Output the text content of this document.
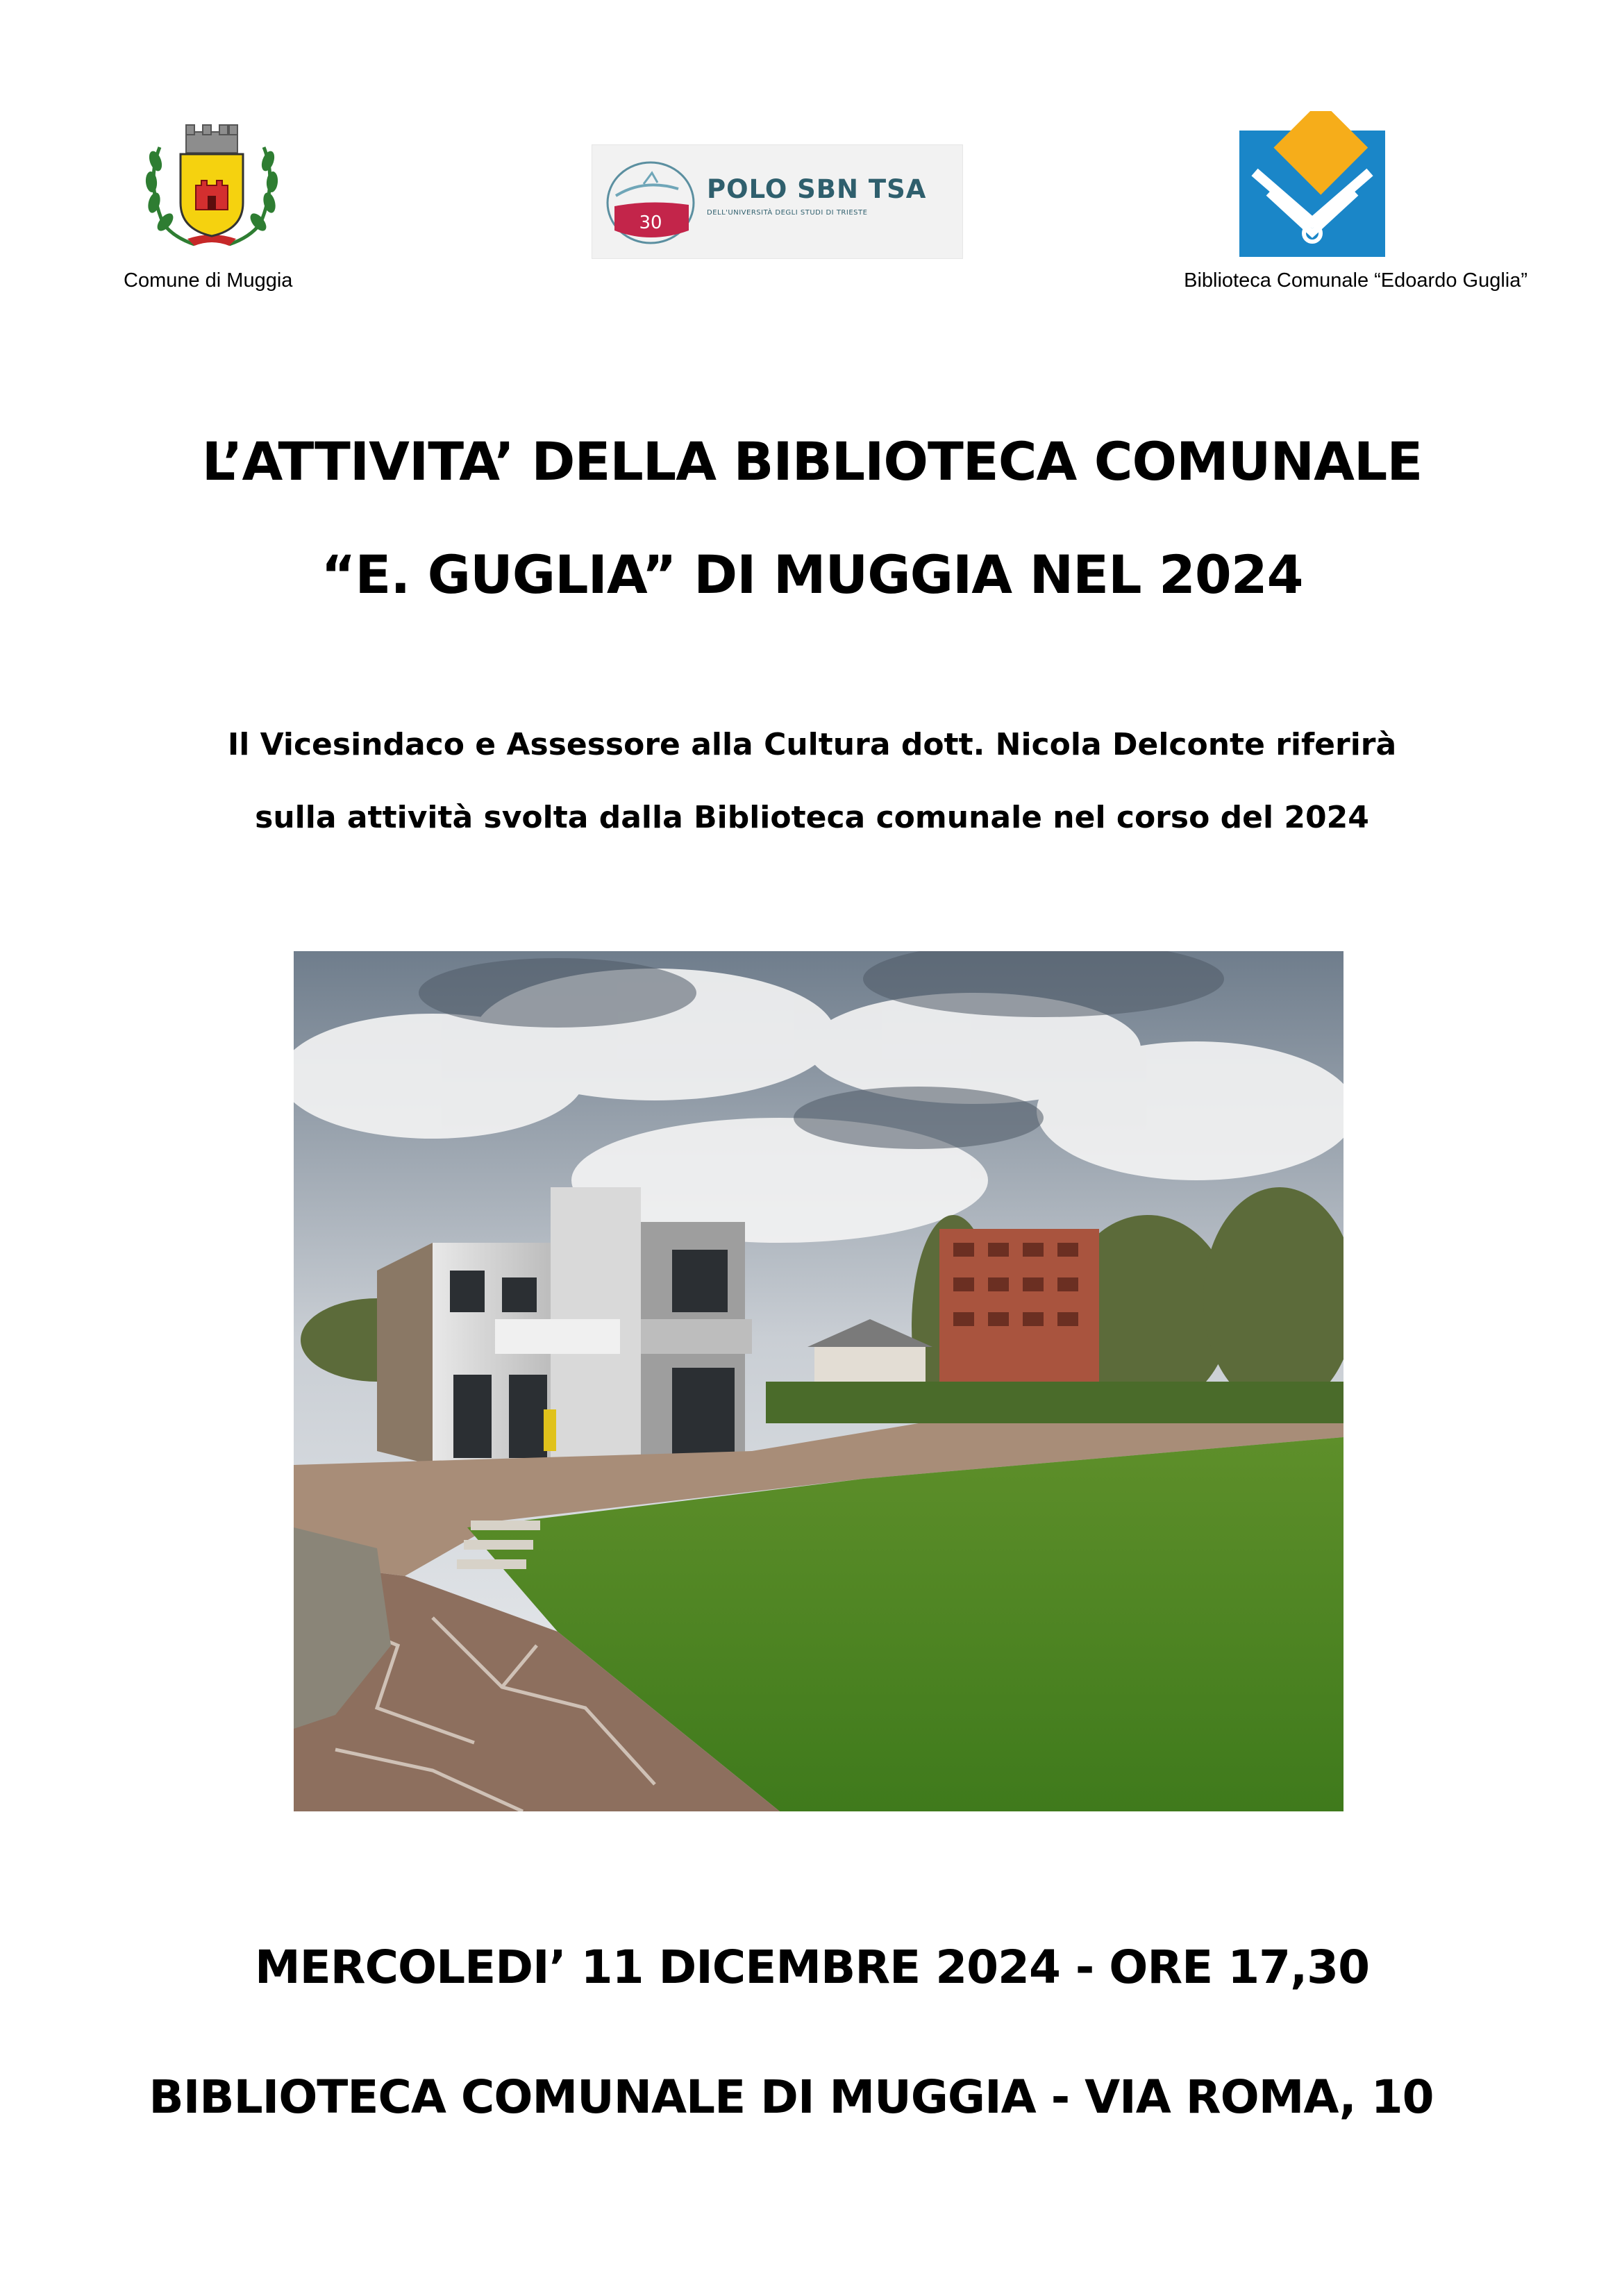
Comune di Muggia
30
POLO SBN TSA
DELL'UNIVERSITÀ DEGLI STUDI DI TRIESTE
Biblioteca Comunale “Edoardo Guglia”
L’ATTIVITA’ DELLA BIBLIOTECA COMUNALE
“E. GUGLIA” DI MUGGIA NEL 2024
Il Vicesindaco e Assessore alla Cultura dott. Nicola Delconte riferirà
sulla attività svolta dalla Biblioteca comunale nel corso del 2024
MERCOLEDI’ 11 DICEMBRE 2024 - ORE 17,30
BIBLIOTECA COMUNALE DI MUGGIA - VIA ROMA, 10
